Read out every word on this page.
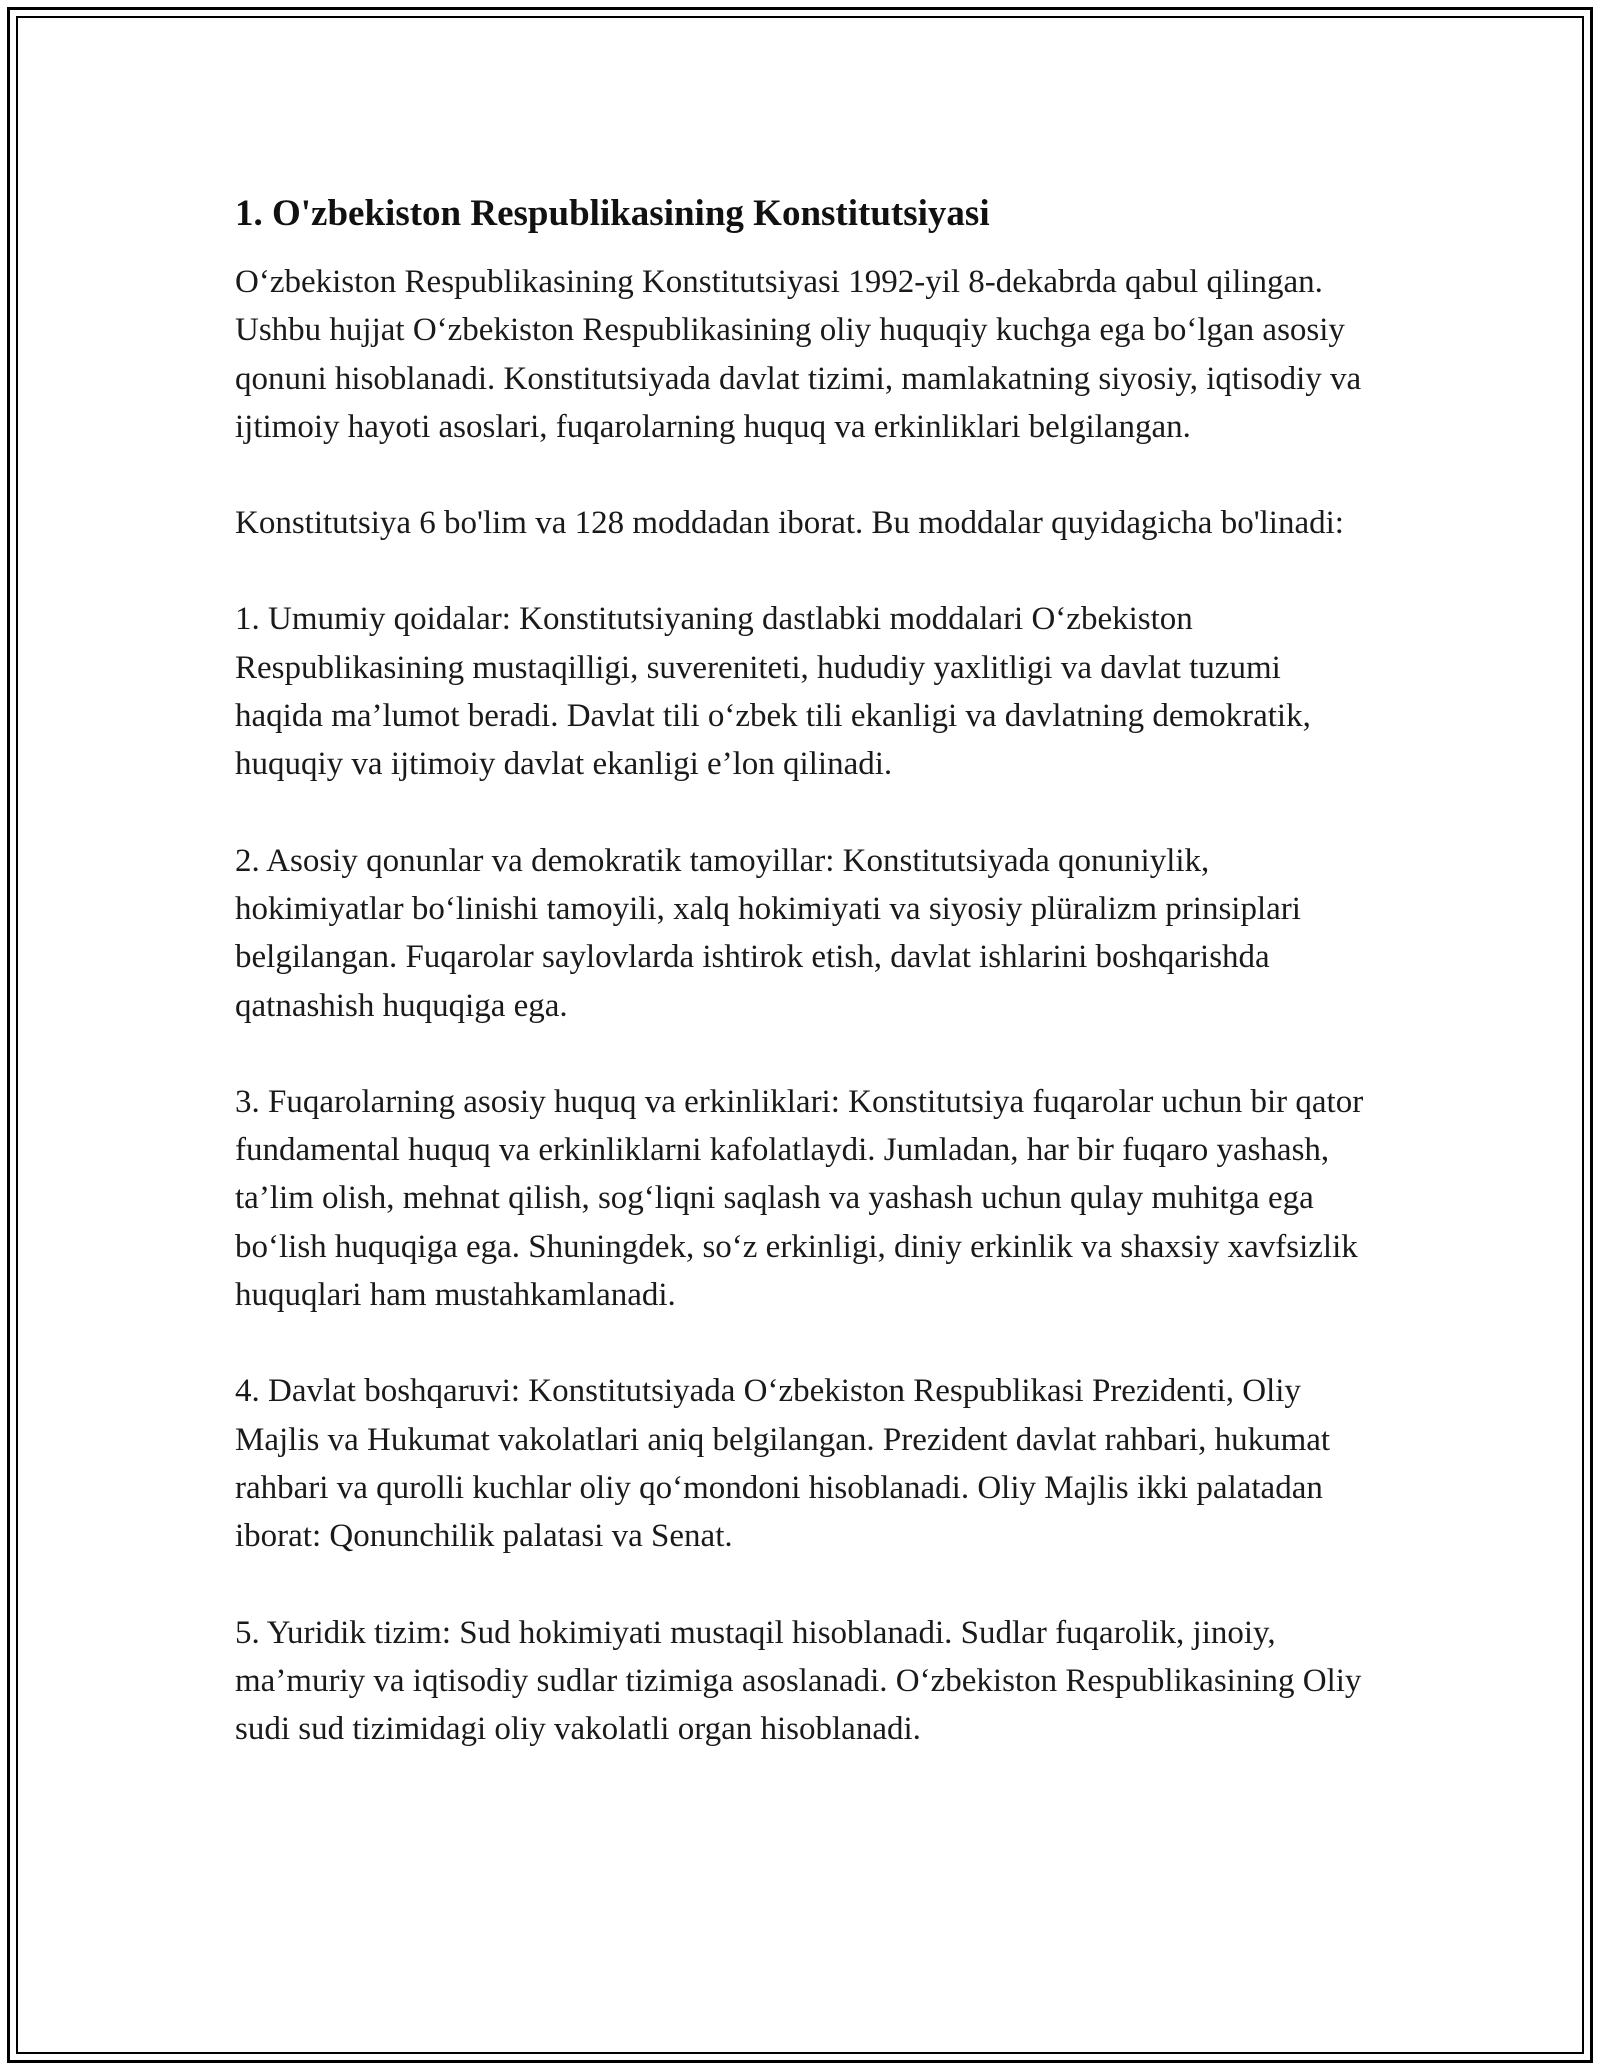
1. O'zbekiston Respublikasining Konstitutsiyasi

O‘zbekiston Respublikasining Konstitutsiyasi 1992-yil 8-dekabrda qabul qilingan. Ushbu hujjat O‘zbekiston Respublikasining oliy huquqiy kuchga ega bo‘lgan asosiy qonuni hisoblanadi. Konstitutsiyada davlat tizimi, mamlakatning siyosiy, iqtisodiy va ijtimoiy hayoti asoslari, fuqarolarning huquq va erkinliklari belgilangan.

Konstitutsiya 6 bo'lim va 128 moddadan iborat. Bu moddalar quyidagicha bo'linadi:

1. Umumiy qoidalar: Konstitutsiyaning dastlabki moddalari O‘zbekiston Respublikasining mustaqilligi, suvereniteti, hududiy yaxlitligi va davlat tuzumi haqida ma’lumot beradi. Davlat tili o‘zbek tili ekanligi va davlatning demokratik, huquqiy va ijtimoiy davlat ekanligi e’lon qilinadi.

2. Asosiy qonunlar va demokratik tamoyillar: Konstitutsiyada qonuniylik, hokimiyatlar bo‘linishi tamoyili, xalq hokimiyati va siyosiy plüralizm prinsiplari belgilangan. Fuqarolar saylovlarda ishtirok etish, davlat ishlarini boshqarishda qatnashish huquqiga ega.

3. Fuqarolarning asosiy huquq va erkinliklari: Konstitutsiya fuqarolar uchun bir qator fundamental huquq va erkinliklarni kafolatlaydi. Jumladan, har bir fuqaro yashash, ta’lim olish, mehnat qilish, sog‘liqni saqlash va yashash uchun qulay muhitga ega bo‘lish huquqiga ega. Shuningdek, so‘z erkinligi, diniy erkinlik va shaxsiy xavfsizlik huquqlari ham mustahkamlanadi.

4. Davlat boshqaruvi: Konstitutsiyada O‘zbekiston Respublikasi Prezidenti, Oliy Majlis va Hukumat vakolatlari aniq belgilangan. Prezident davlat rahbari, hukumat rahbari va qurolli kuchlar oliy qo‘mondoni hisoblanadi. Oliy Majlis ikki palatadan iborat: Qonunchilik palatasi va Senat.

5. Yuridik tizim: Sud hokimiyati mustaqil hisoblanadi. Sudlar fuqarolik, jinoiy, ma’muriy va iqtisodiy sudlar tizimiga asoslanadi. O‘zbekiston Respublikasining Oliy sudi sud tizimidagi oliy vakolatli organ hisoblanadi.
